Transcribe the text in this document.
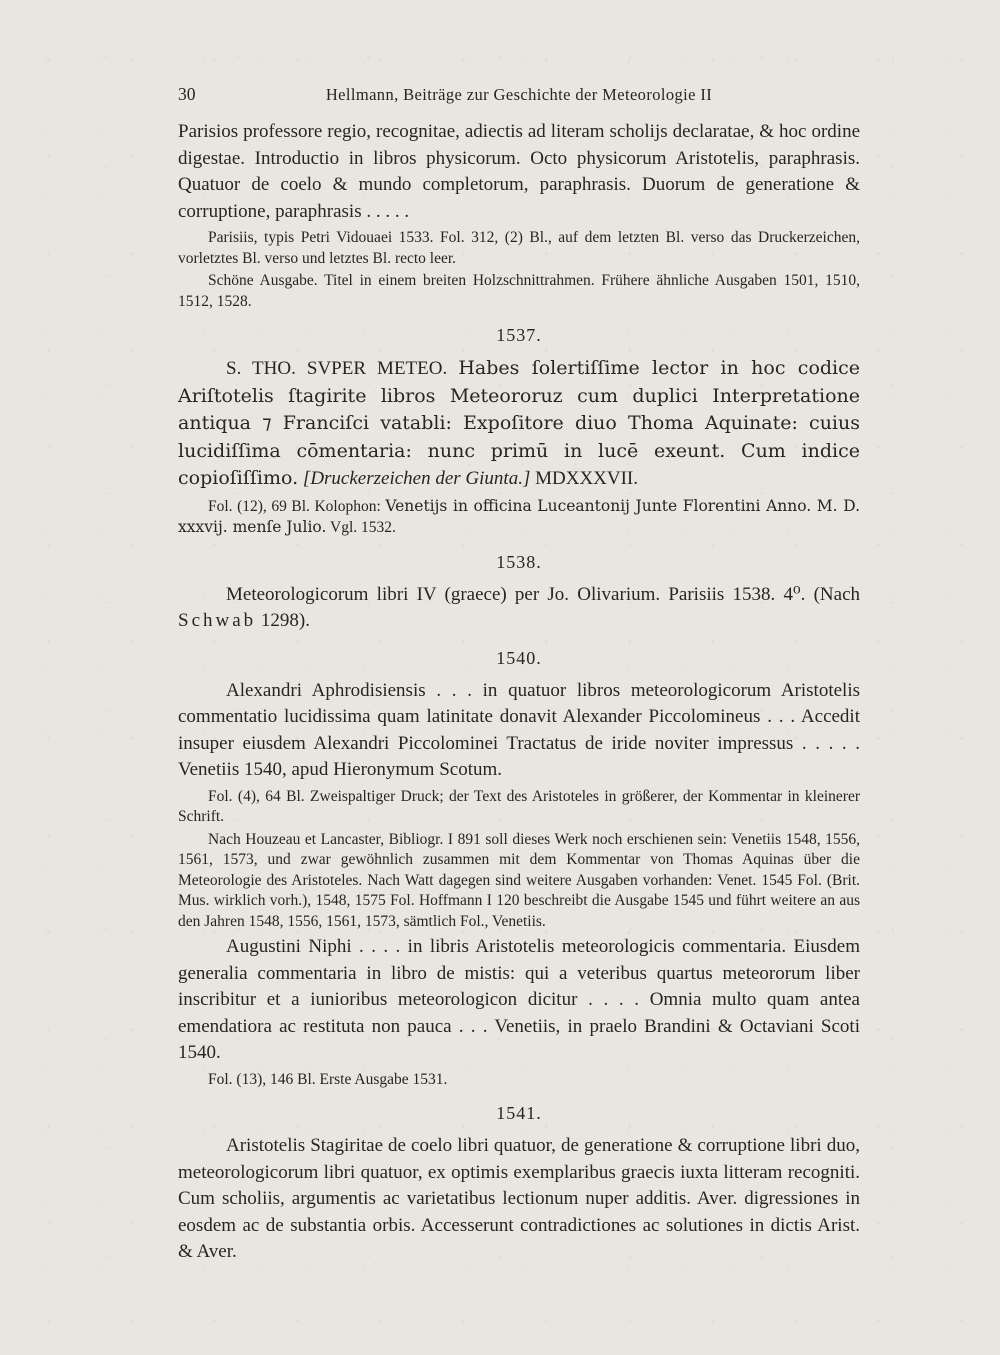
30	Hellmann, Beiträge zur Geschichte der Meteorologie II

Parisios professore regio, recognitae, adiectis ad literam scholijs declaratae, & hoc ordine digestae. Introductio in libros physicorum. Octo physicorum Aristotelis, paraphrasis. Quatuor de coelo & mundo completorum, paraphrasis. Duorum de generatione & corruptione, paraphrasis . . . . .

Parisiis, typis Petri Vidouaei 1533. Fol. 312, (2) Bl., auf dem letzten Bl. verso das Druckerzeichen, vorletztes Bl. verso und letztes Bl. recto leer.

Schöne Ausgabe. Titel in einem breiten Holzschnittrahmen. Frühere ähnliche Ausgaben 1501, 1510, 1512, 1528.

1537.

S. THO. SVPER METEO. Habes ſolertiſſime lector in hoc codice Ariſtotelis ſtagirite libros Meteororuz cum duplici Interpretatione antiqua ⁊ Franciſci vatabli: Expoſitore diuo Thoma Aquinate: cuius lucidiſſima cōmentaria: nunc primū in lucē exeunt. Cum indice copioſiſſimo. [Druckerzeichen der Giunta.] MDXXXVII.

Fol. (12), 69 Bl. Kolophon: Venetijs in officina Luceantonij Junte Florentini Anno. M. D. xxxvij. menſe Julio. Vgl. 1532.

1538.

Meteorologicorum libri IV (graece) per Jo. Olivarium. Parisiis 1538. 4⁰. (Nach Schwab 1298).

1540.

Alexandri Aphrodisiensis . . . in quatuor libros meteorologicorum Aristotelis commentatio lucidissima quam latinitate donavit Alexander Piccolomineus . . . Accedit insuper eiusdem Alexandri Piccolominei Tractatus de iride noviter impressus . . . . . Venetiis 1540, apud Hieronymum Scotum.

Fol. (4), 64 Bl. Zweispaltiger Druck; der Text des Aristoteles in größerer, der Kommentar in kleinerer Schrift.

Nach Houzeau et Lancaster, Bibliogr. I 891 soll dieses Werk noch erschienen sein: Venetiis 1548, 1556, 1561, 1573, und zwar gewöhnlich zusammen mit dem Kommentar von Thomas Aquinas über die Meteorologie des Aristoteles. Nach Watt dagegen sind weitere Ausgaben vorhanden: Venet. 1545 Fol. (Brit. Mus. wirklich vorh.), 1548, 1575 Fol. Hoffmann I 120 beschreibt die Ausgabe 1545 und führt weitere an aus den Jahren 1548, 1556, 1561, 1573, sämtlich Fol., Venetiis.

Augustini Niphi . . . . in libris Aristotelis meteorologicis commentaria. Eiusdem generalia commentaria in libro de mistis: qui a veteribus quartus meteororum liber inscribitur et a iunioribus meteorologicon dicitur . . . . Omnia multo quam antea emendatiora ac restituta non pauca . . . Venetiis, in praelo Brandini & Octaviani Scoti 1540.

Fol. (13), 146 Bl. Erste Ausgabe 1531.

1541.

Aristotelis Stagiritae de coelo libri quatuor, de generatione & corruptione libri duo, meteorologicorum libri quatuor, ex optimis exemplaribus graecis iuxta litteram recogniti. Cum scholiis, argumentis ac varietatibus lectionum nuper additis. Aver. digressiones in eosdem ac de substantia orbis. Accesserunt contradictiones ac solutiones in dictis Arist. & Aver.
